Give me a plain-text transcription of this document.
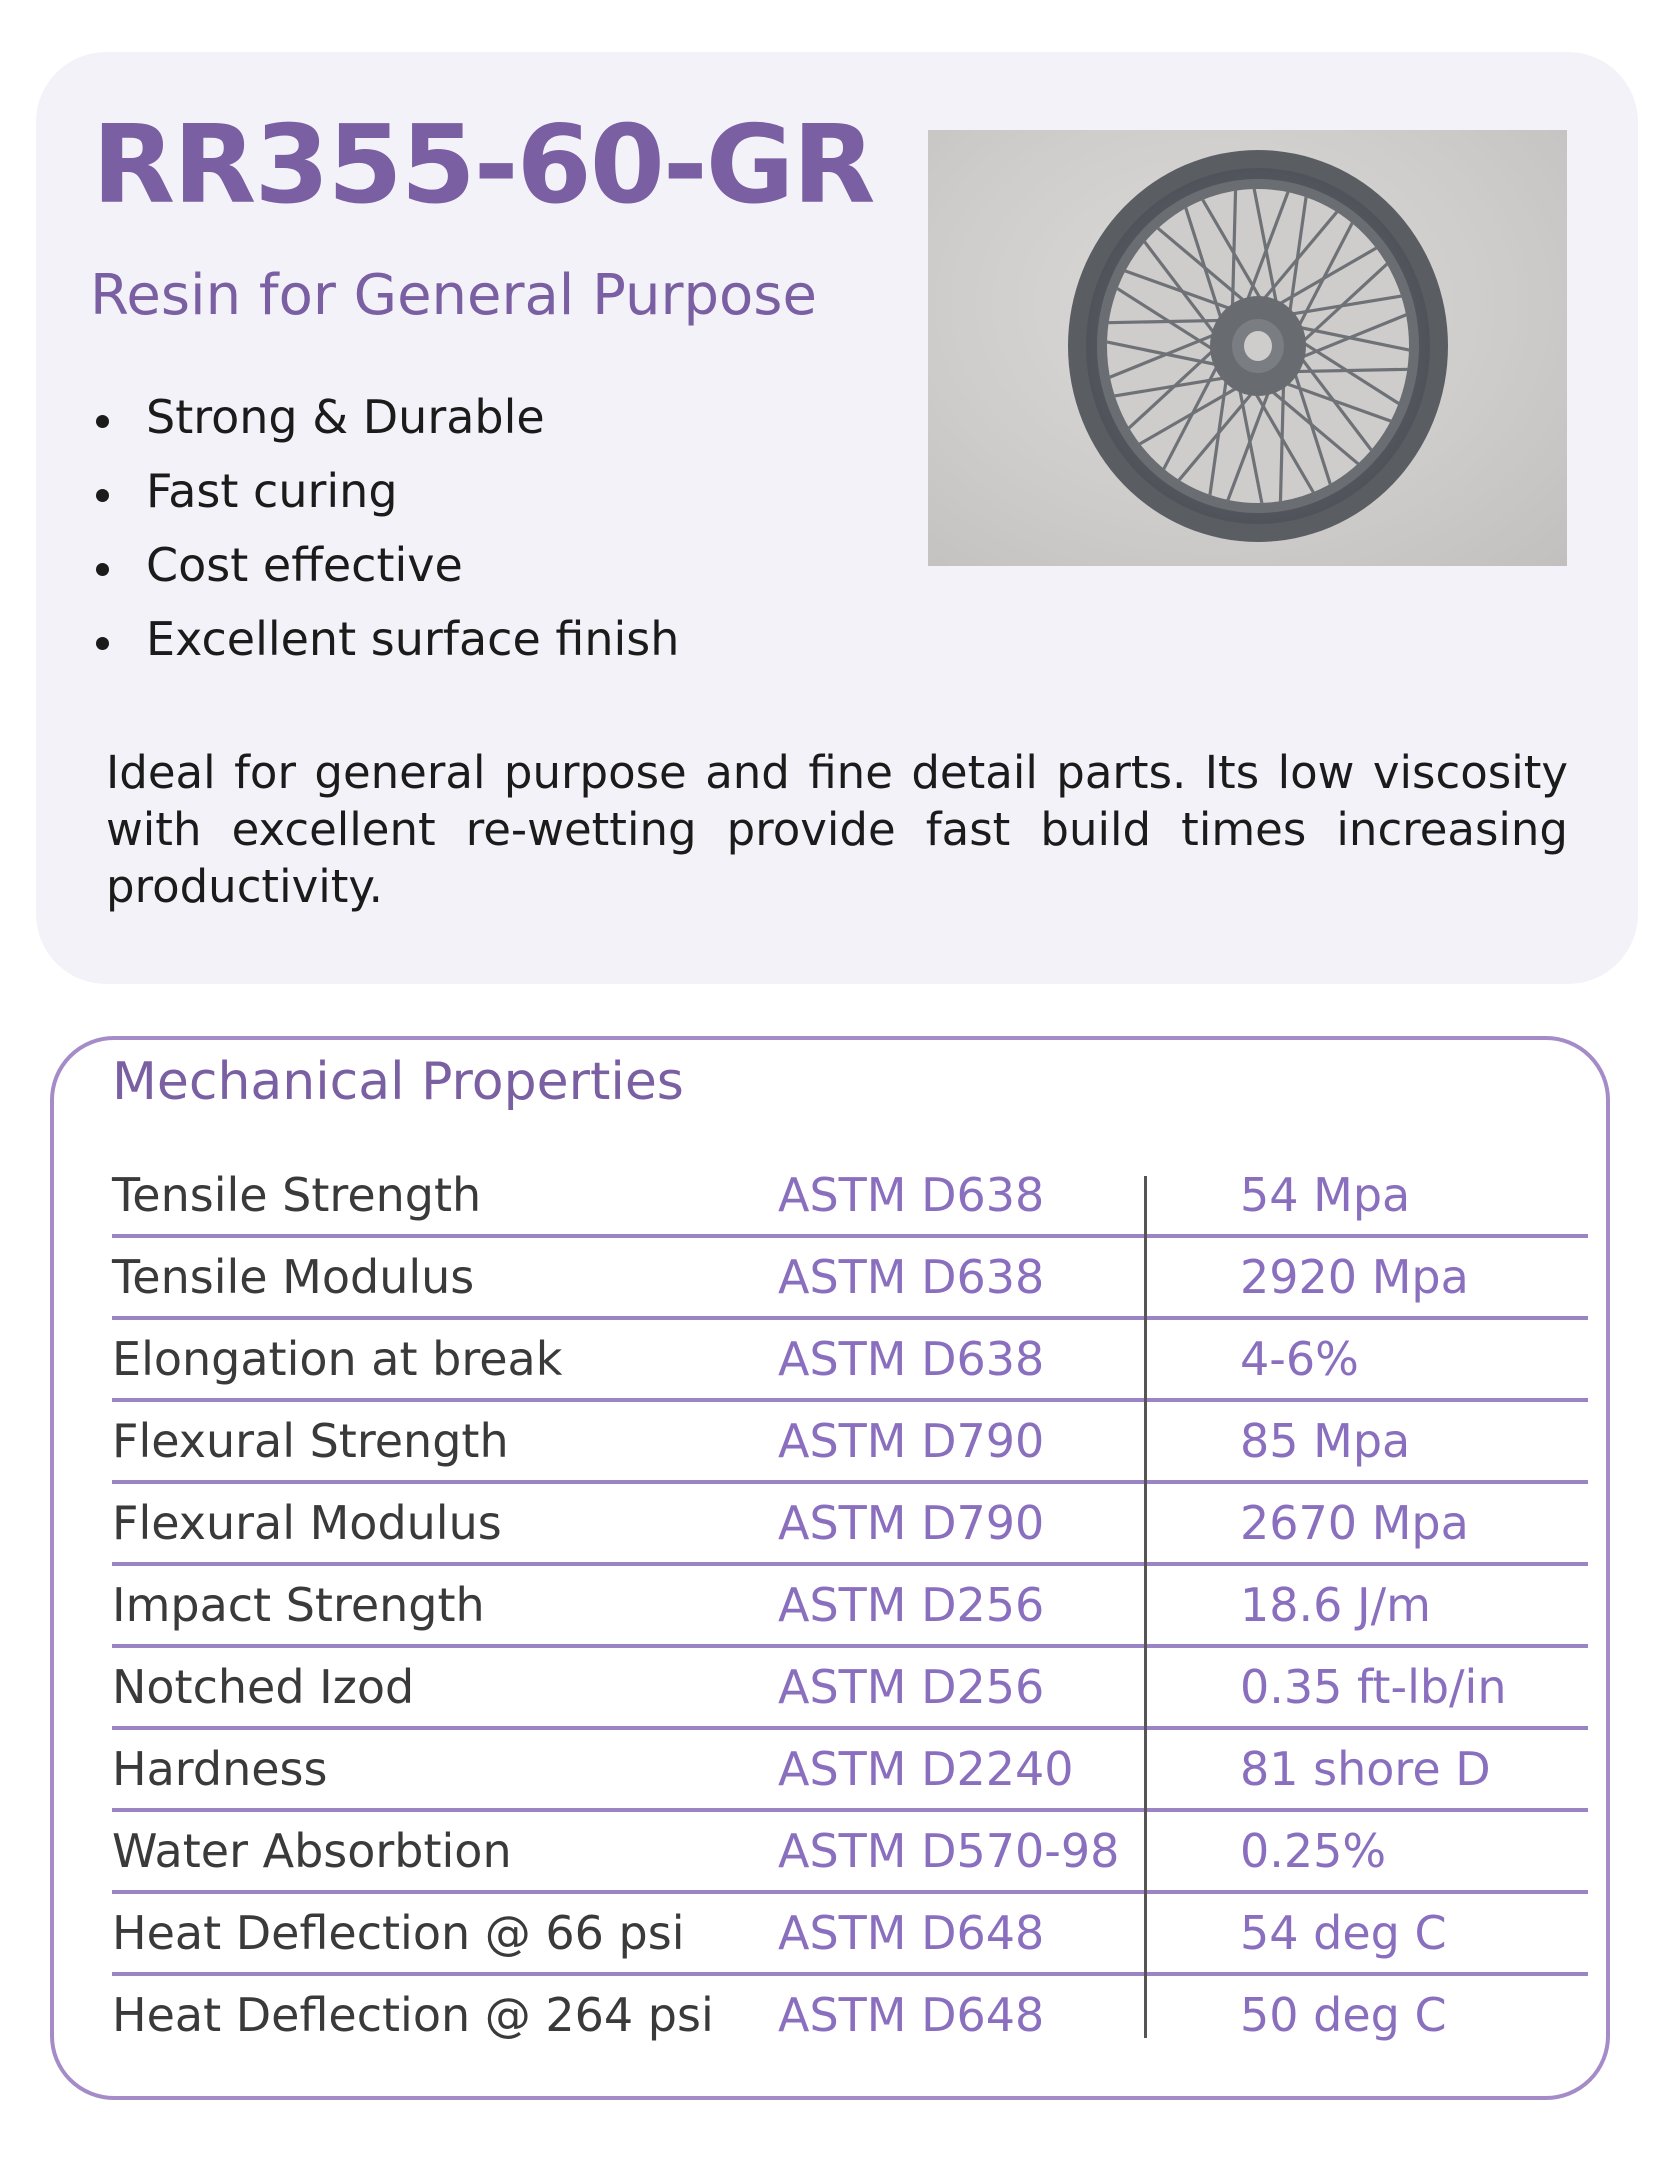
RR355-60-GR
Resin for General Purpose
Strong & Durable
Fast curing
Cost effective
Excellent surface finish

Ideal for general purpose and fine detail parts. Its low viscosity with excellent re-wetting provide fast build times increasing productivity.

Mechanical Properties
Tensile Strength	ASTM D638	54 Mpa
Tensile Modulus	ASTM D638	2920 Mpa
Elongation at break	ASTM D638	4-6%
Flexural Strength	ASTM D790	85 Mpa
Flexural Modulus	ASTM D790	2670 Mpa
Impact Strength	ASTM D256	18.6 J/m
Notched Izod	ASTM D256	0.35 ft-lb/in
Hardness	ASTM D2240	81 shore D
Water Absorbtion	ASTM D570-98	0.25%
Heat Deflection @ 66 psi ASTM D648	54 deg C
Heat Deflection @ 264 psi ASTM D648	50 deg C
